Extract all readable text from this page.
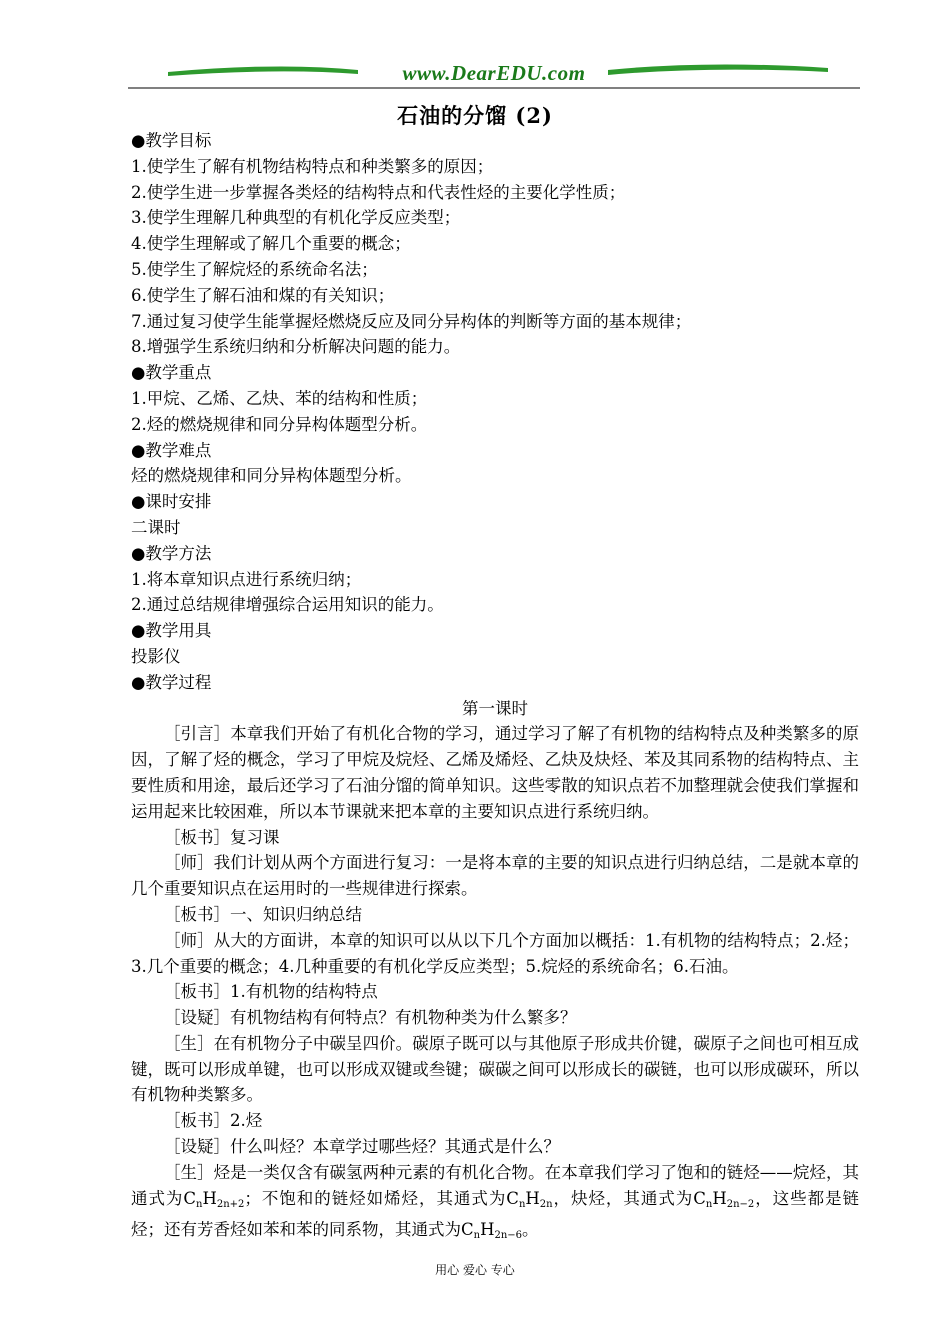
www.DearEDU.com
石油的分馏 (2)
●教学目标
1.使学生了解有机物结构特点和种类繁多的原因；
2.使学生进一步掌握各类烃的结构特点和代表性烃的主要化学性质；
3.使学生理解几种典型的有机化学反应类型；
4.使学生理解或了解几个重要的概念；
5.使学生了解烷烃的系统命名法；
6.使学生了解石油和煤的有关知识；
7.通过复习使学生能掌握烃燃烧反应及同分异构体的判断等方面的基本规律；
8.增强学生系统归纳和分析解决问题的能力。
●教学重点
1.甲烷、乙烯、乙炔、苯的结构和性质；
2.烃的燃烧规律和同分异构体题型分析。
●教学难点
烃的燃烧规律和同分异构体题型分析。
●课时安排
二课时
●教学方法
1.将本章知识点进行系统归纳；
2.通过总结规律增强综合运用知识的能力。
●教学用具
投影仪
●教学过程
第一课时
［引言］本章我们开始了有机化合物的学习，通过学习了解了有机物的结构特点及种类繁多的原因，了解了烃的概念，学习了甲烷及烷烃、乙烯及烯烃、乙炔及炔烃、苯及其同系物的结构特点、主要性质和用途，最后还学习了石油分馏的简单知识。这些零散的知识点若不加整理就会使我们掌握和运用起来比较困难，所以本节课就来把本章的主要知识点进行系统归纳。
［板书］复习课
［师］我们计划从两个方面进行复习：一是将本章的主要的知识点进行归纳总结，二是就本章的几个重要知识点在运用时的一些规律进行探索。
［板书］一、知识归纳总结
［师］从大的方面讲，本章的知识可以从以下几个方面加以概括：1.有机物的结构特点；2.烃；3.几个重要的概念；4.几种重要的有机化学反应类型；5.烷烃的系统命名；6.石油。
［板书］1.有机物的结构特点
［设疑］有机物结构有何特点？有机物种类为什么繁多？
［生］在有机物分子中碳呈四价。碳原子既可以与其他原子形成共价键，碳原子之间也可相互成键，既可以形成单键，也可以形成双键或叁键；碳碳之间可以形成长的碳链，也可以形成碳环，所以有机物种类繁多。
［板书］2.烃
［设疑］什么叫烃？本章学过哪些烃？其通式是什么？
［生］烃是一类仅含有碳氢两种元素的有机化合物。在本章我们学习了饱和的链烃——烷烃，其通式为$C_nH_{2n+2}$；不饱和的链烃如烯烃，其通式为$C_nH_{2n}$，炔烃，其通式为$C_nH_{2n-2}$，这些都是链烃；还有芳香烃如苯和苯的同系物，其通式为$C_nH_{2n-6}$。
用心 爱心 专心
